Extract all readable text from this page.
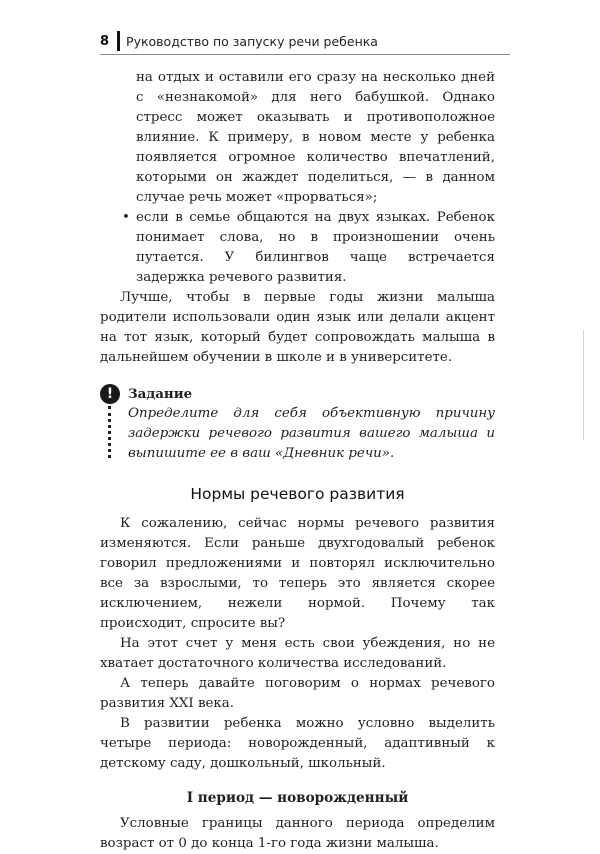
8 Руководство по запуску речи ребенка

на отдых и оставили его сразу на несколько дней с «незнакомой» для него бабушкой. Однако стресс может оказывать и противоположное влияние. К примеру, в новом месте у ребенка появляется огромное количество впечатлений, которыми он жаждет поделиться, — в данном случае речь может «прорваться»;

• если в семье общаются на двух языках. Ребенок понимает слова, но в произношении очень путается. У билингвов чаще встречается задержка речевого развития.

Лучше, чтобы в первые годы жизни малыша родители использовали один язык или делали акцент на тот язык, который будет сопровождать малыша в дальнейшем обучении в школе и в университете.

!	Задание

Определите для себя объективную причину задержки речевого развития вашего малыша и выпишите ее в ваш «Дневник речи».

Нормы речевого развития

К сожалению, сейчас нормы речевого развития изменяются. Если раньше двухгодовалый ребенок говорил предложениями и повторял исключительно все за взрослыми, то теперь это является скорее исключением, нежели нормой. Почему так происходит, спросите вы?

На этот счет у меня есть свои убеждения, но не хватает достаточного количества исследований.

А теперь давайте поговорим о нормах речевого развития XXI века.

В развитии ребенка можно условно выделить четыре периода: новорожденный, адаптивный к детскому саду, дошкольный, школьный.

I период — новорожденный

Условные границы данного периода определим возраст от 0 до конца 1-го года жизни малыша.
